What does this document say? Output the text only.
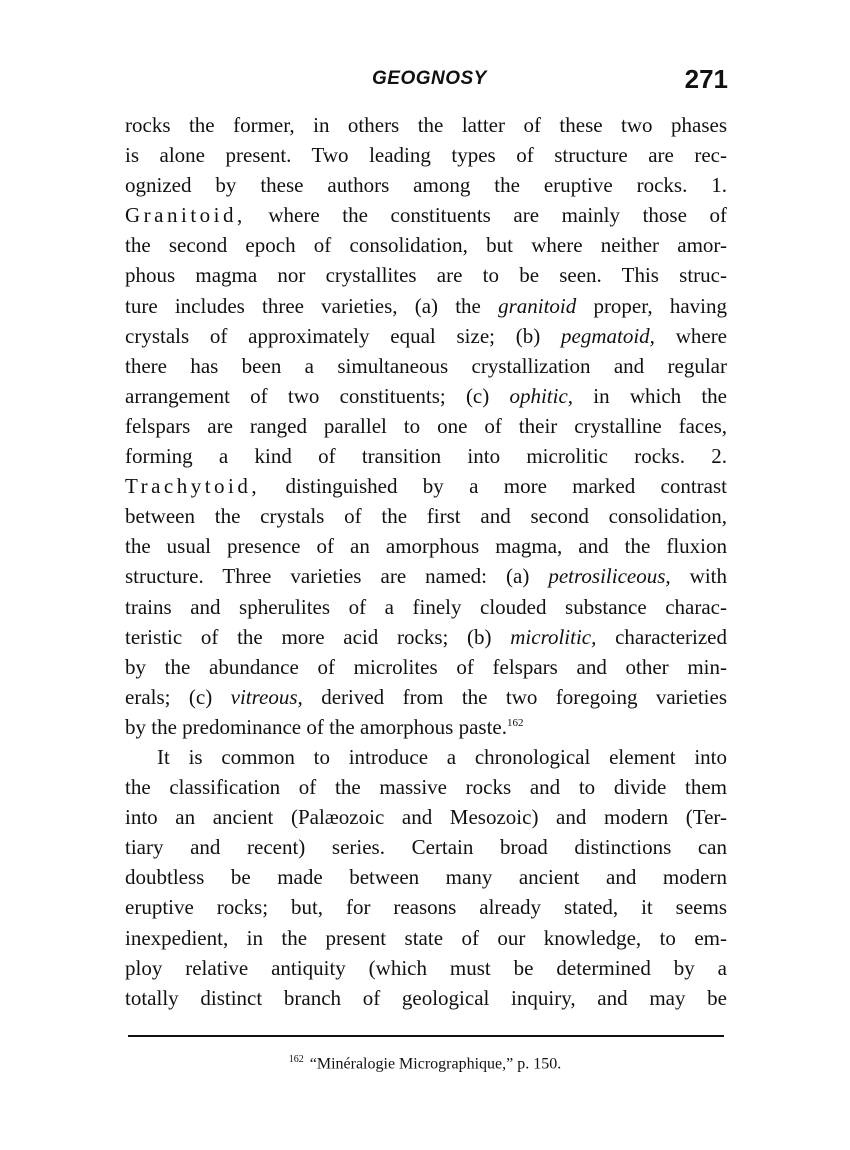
GEOGNOSY	271
rocks the former, in others the latter of these two phases
is alone present. Two leading types of structure are rec-
ognized by these authors among the eruptive rocks. 1.
Granitoid, where the constituents are mainly those of
the second epoch of consolidation, but where neither amor-
phous magma nor crystallites are to be seen. This struc-
ture includes three varieties, (a) the granitoid proper, having
crystals of approximately equal size; (b) pegmatoid, where
there has been a simultaneous crystallization and regular
arrangement of two constituents; (c) ophitic, in which the
felspars are ranged parallel to one of their crystalline faces,
forming a kind of transition into microlitic rocks. 2.
Trachytoid, distinguished by a more marked contrast
between the crystals of the first and second consolidation,
the usual presence of an amorphous magma, and the fluxion
structure. Three varieties are named: (a) petrosiliceous, with
trains and spherulites of a finely clouded substance charac-
teristic of the more acid rocks; (b) microlitic, characterized
by the abundance of microlites of felspars and other min-
erals; (c) vitreous, derived from the two foregoing varieties
by the predominance of the amorphous paste.$^{162}$
It is common to introduce a chronological element into
the classification of the massive rocks and to divide them
into an ancient (Palæozoic and Mesozoic) and modern (Ter-
tiary and recent) series. Certain broad distinctions can
doubtless be made between many ancient and modern
eruptive rocks; but, for reasons already stated, it seems
inexpedient, in the present state of our knowledge, to em-
ploy relative antiquity (which must be determined by a
totally distinct branch of geological inquiry, and may be
$^{162}$ “Minéralogie Micrographique,” p. 150.
